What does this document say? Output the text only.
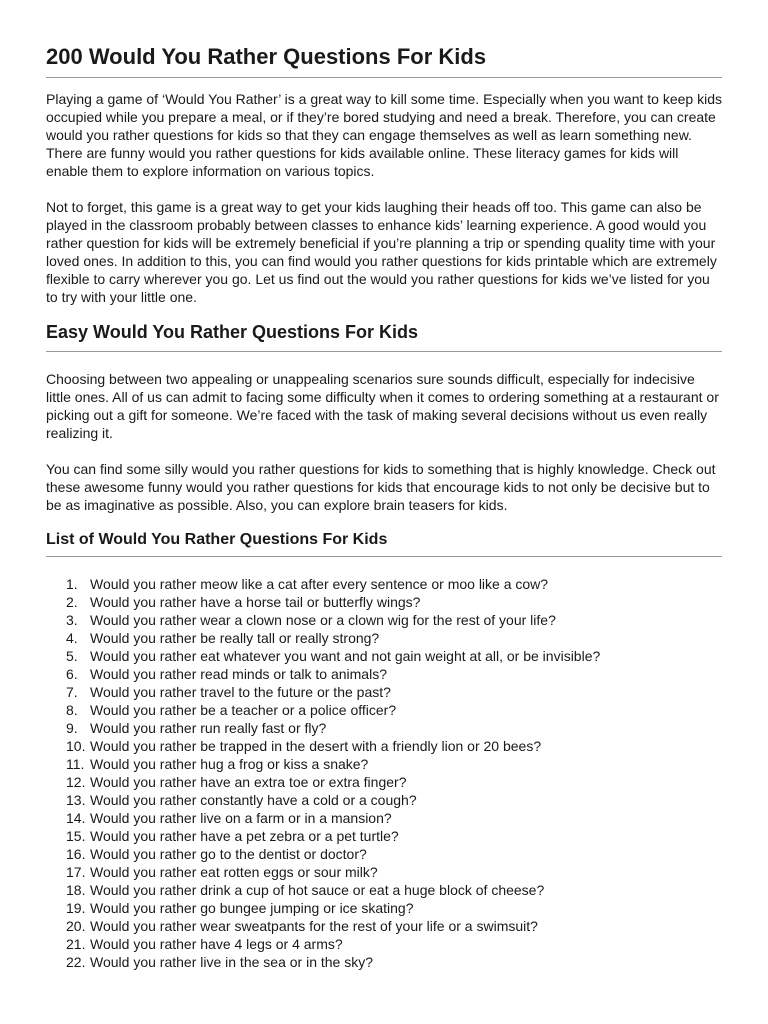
200 Would You Rather Questions For Kids

Playing a game of ‘Would You Rather’ is a great way to kill some time. Especially when you want to keep kids occupied while you prepare a meal, or if they’re bored studying and need a break. Therefore, you can create would you rather questions for kids so that they can engage themselves as well as learn something new. There are funny would you rather questions for kids available online. These literacy games for kids will enable them to explore information on various topics.

Not to forget, this game is a great way to get your kids laughing their heads off too. This game can also be played in the classroom probably between classes to enhance kids’ learning experience. A good would you rather question for kids will be extremely beneficial if you’re planning a trip or spending quality time with your loved ones. In addition to this, you can find would you rather questions for kids printable which are extremely flexible to carry wherever you go. Let us find out the would you rather questions for kids we’ve listed for you to try with your little one.

Easy Would You Rather Questions For Kids

Choosing between two appealing or unappealing scenarios sure sounds difficult, especially for indecisive little ones. All of us can admit to facing some difficulty when it comes to ordering something at a restaurant or picking out a gift for someone. We’re faced with the task of making several decisions without us even really realizing it.

You can find some silly would you rather questions for kids to something that is highly knowledge. Check out these awesome funny would you rather questions for kids that encourage kids to not only be decisive but to be as imaginative as possible. Also, you can explore brain teasers for kids.

List of Would You Rather Questions For Kids
1. Would you rather meow like a cat after every sentence or moo like a cow?
2. Would you rather have a horse tail or butterfly wings?
3. Would you rather wear a clown nose or a clown wig for the rest of your life?
4. Would you rather be really tall or really strong?
5. Would you rather eat whatever you want and not gain weight at all, or be invisible?
6. Would you rather read minds or talk to animals?
7. Would you rather travel to the future or the past?
8. Would you rather be a teacher or a police officer?
9. Would you rather run really fast or fly?
10. Would you rather be trapped in the desert with a friendly lion or 20 bees?
11. Would you rather hug a frog or kiss a snake?
12. Would you rather have an extra toe or extra finger?
13. Would you rather constantly have a cold or a cough?
14. Would you rather live on a farm or in a mansion?
15. Would you rather have a pet zebra or a pet turtle?
16. Would you rather go to the dentist or doctor?
17. Would you rather eat rotten eggs or sour milk?
18. Would you rather drink a cup of hot sauce or eat a huge block of cheese?
19. Would you rather go bungee jumping or ice skating?
20. Would you rather wear sweatpants for the rest of your life or a swimsuit?
21. Would you rather have 4 legs or 4 arms?
22. Would you rather live in the sea or in the sky?
